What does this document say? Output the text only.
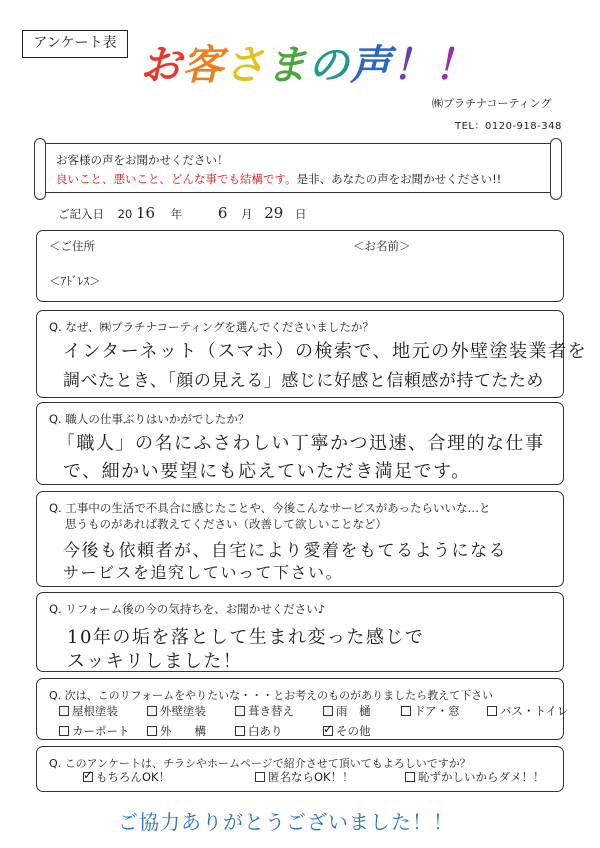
アンケート表 お客さまの声！！
㈱プラチナコーティング
TEL：0120-918-348
お客様の声をお聞かせください！
良いこと、悪いこと、どんな事でも結構です。是非、あなたの声をお聞かせください!!
ご記入日 20 16 年 6 月 29 日
＜ご住所	＜お名前＞
＜ｱﾄﾞﾚｽ＞
Q. なぜ、㈱プラチナコーティングを選んでくださいましたか？
インターネット（スマホ）の検索で、地元の外壁塗装業者を
調べたとき、「顔の見える」感じに好感と信頼感が持てたため
Q. 職人の仕事ぶりはいかがでしたか？
「職人」の名にふさわしい丁寧かつ迅速、合理的な仕事
で、細かい要望にも応えていただき満足です。
Q. 工事中の生活で不具合に感じたことや、今後こんなサービスがあったらいいな…と
思うものがあれば教えてください（改善して欲しいことなど）
今後も依頼者が、自宅により愛着をもてるようになる
サービスを追究していって下さい。
Q. リフォーム後の今の気持ちを、お聞かせください♪
10年の垢を落として生まれ変った感じで
スッキリしました！
Q. 次は、このリフォームをやりたいな・・・とお考えのものがありましたら教えて下さい
屋根塗装	外壁塗装	葺き替え	雨　樋	ドア・窓	バス・トイレ
カーポート	外　　構	白あり
✓	その他
Q. このアンケートは、チラシやホームページで紹介させて頂いてもよろしいですか？
✓もちろんOK！	匿名ならOK！！	恥ずかしいからダメ！！
ご協力ありがとうございました！！
